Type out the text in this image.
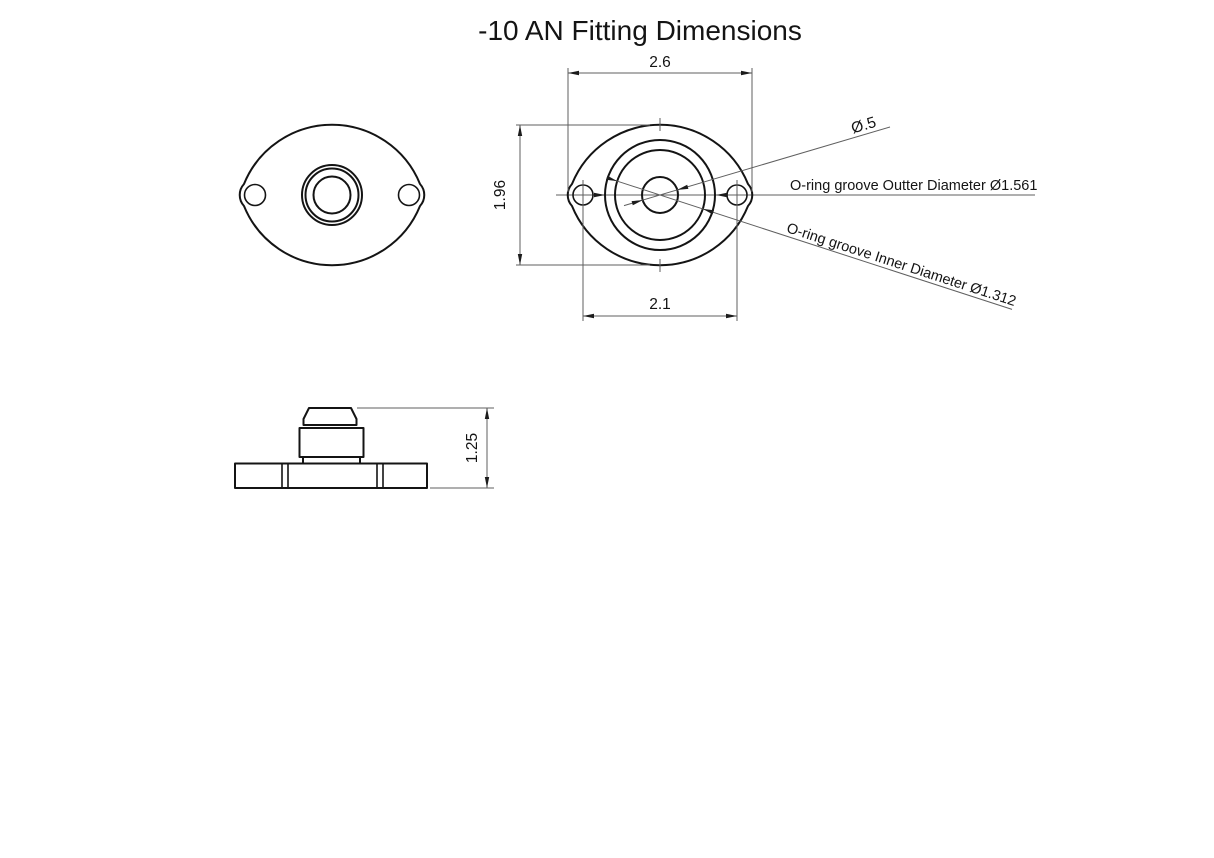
-10 AN Fitting Dimensions
2.6
1.96
2.1
Ø.5
O-ring groove Outter Diameter Ø1.561
O-ring groove Inner Diameter Ø1.312
1.25
